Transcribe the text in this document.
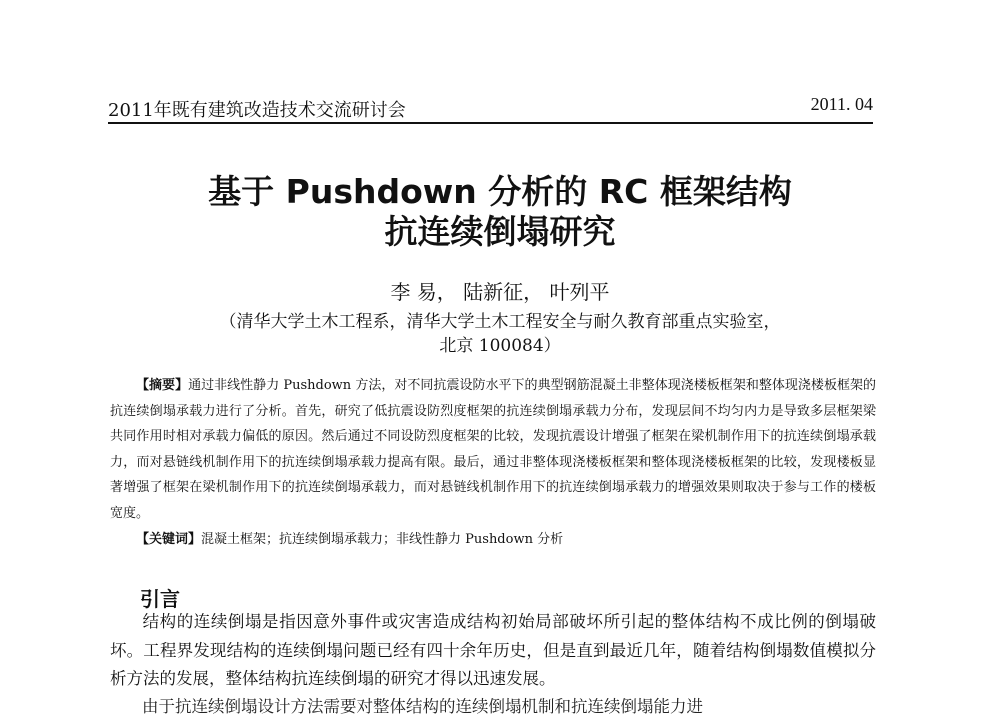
2011年既有建筑改造技术交流研讨会	2011. 04
基于 Pushdown 分析的 RC 框架结构
抗连续倒塌研究
李 易， 陆新征， 叶列平
（清华大学土木工程系，清华大学土木工程安全与耐久教育部重点实验室，
北京 100084）
【摘要】通过非线性静力 Pushdown 方法，对不同抗震设防水平下的典型钢筋混凝土非整体现浇楼板框架和整体现浇楼板框架的抗连续倒塌承载力进行了分析。首先，研究了低抗震设防烈度框架的抗连续倒塌承载力分布，发现层间不均匀内力是导致多层框架梁共同作用时相对承载力偏低的原因。然后通过不同设防烈度框架的比较，发现抗震设计增强了框架在梁机制作用下的抗连续倒塌承载力，而对悬链线机制作用下的抗连续倒塌承载力提高有限。最后，通过非整体现浇楼板框架和整体现浇楼板框架的比较，发现楼板显著增强了框架在梁机制作用下的抗连续倒塌承载力，而对悬链线机制作用下的抗连续倒塌承载力的增强效果则取决于参与工作的楼板宽度。
【关键词】混凝土框架；抗连续倒塌承载力；非线性静力 Pushdown 分析
引言
结构的连续倒塌是指因意外事件或灾害造成结构初始局部破坏所引起的整体结构不成比例的倒塌破坏。工程界发现结构的连续倒塌问题已经有四十余年历史，但是直到最近几年，随着结构倒塌数值模拟分析方法的发展，整体结构抗连续倒塌的研究才得以迅速发展。
由于抗连续倒塌设计方法需要对整体结构的连续倒塌机制和抗连续倒塌能力进
